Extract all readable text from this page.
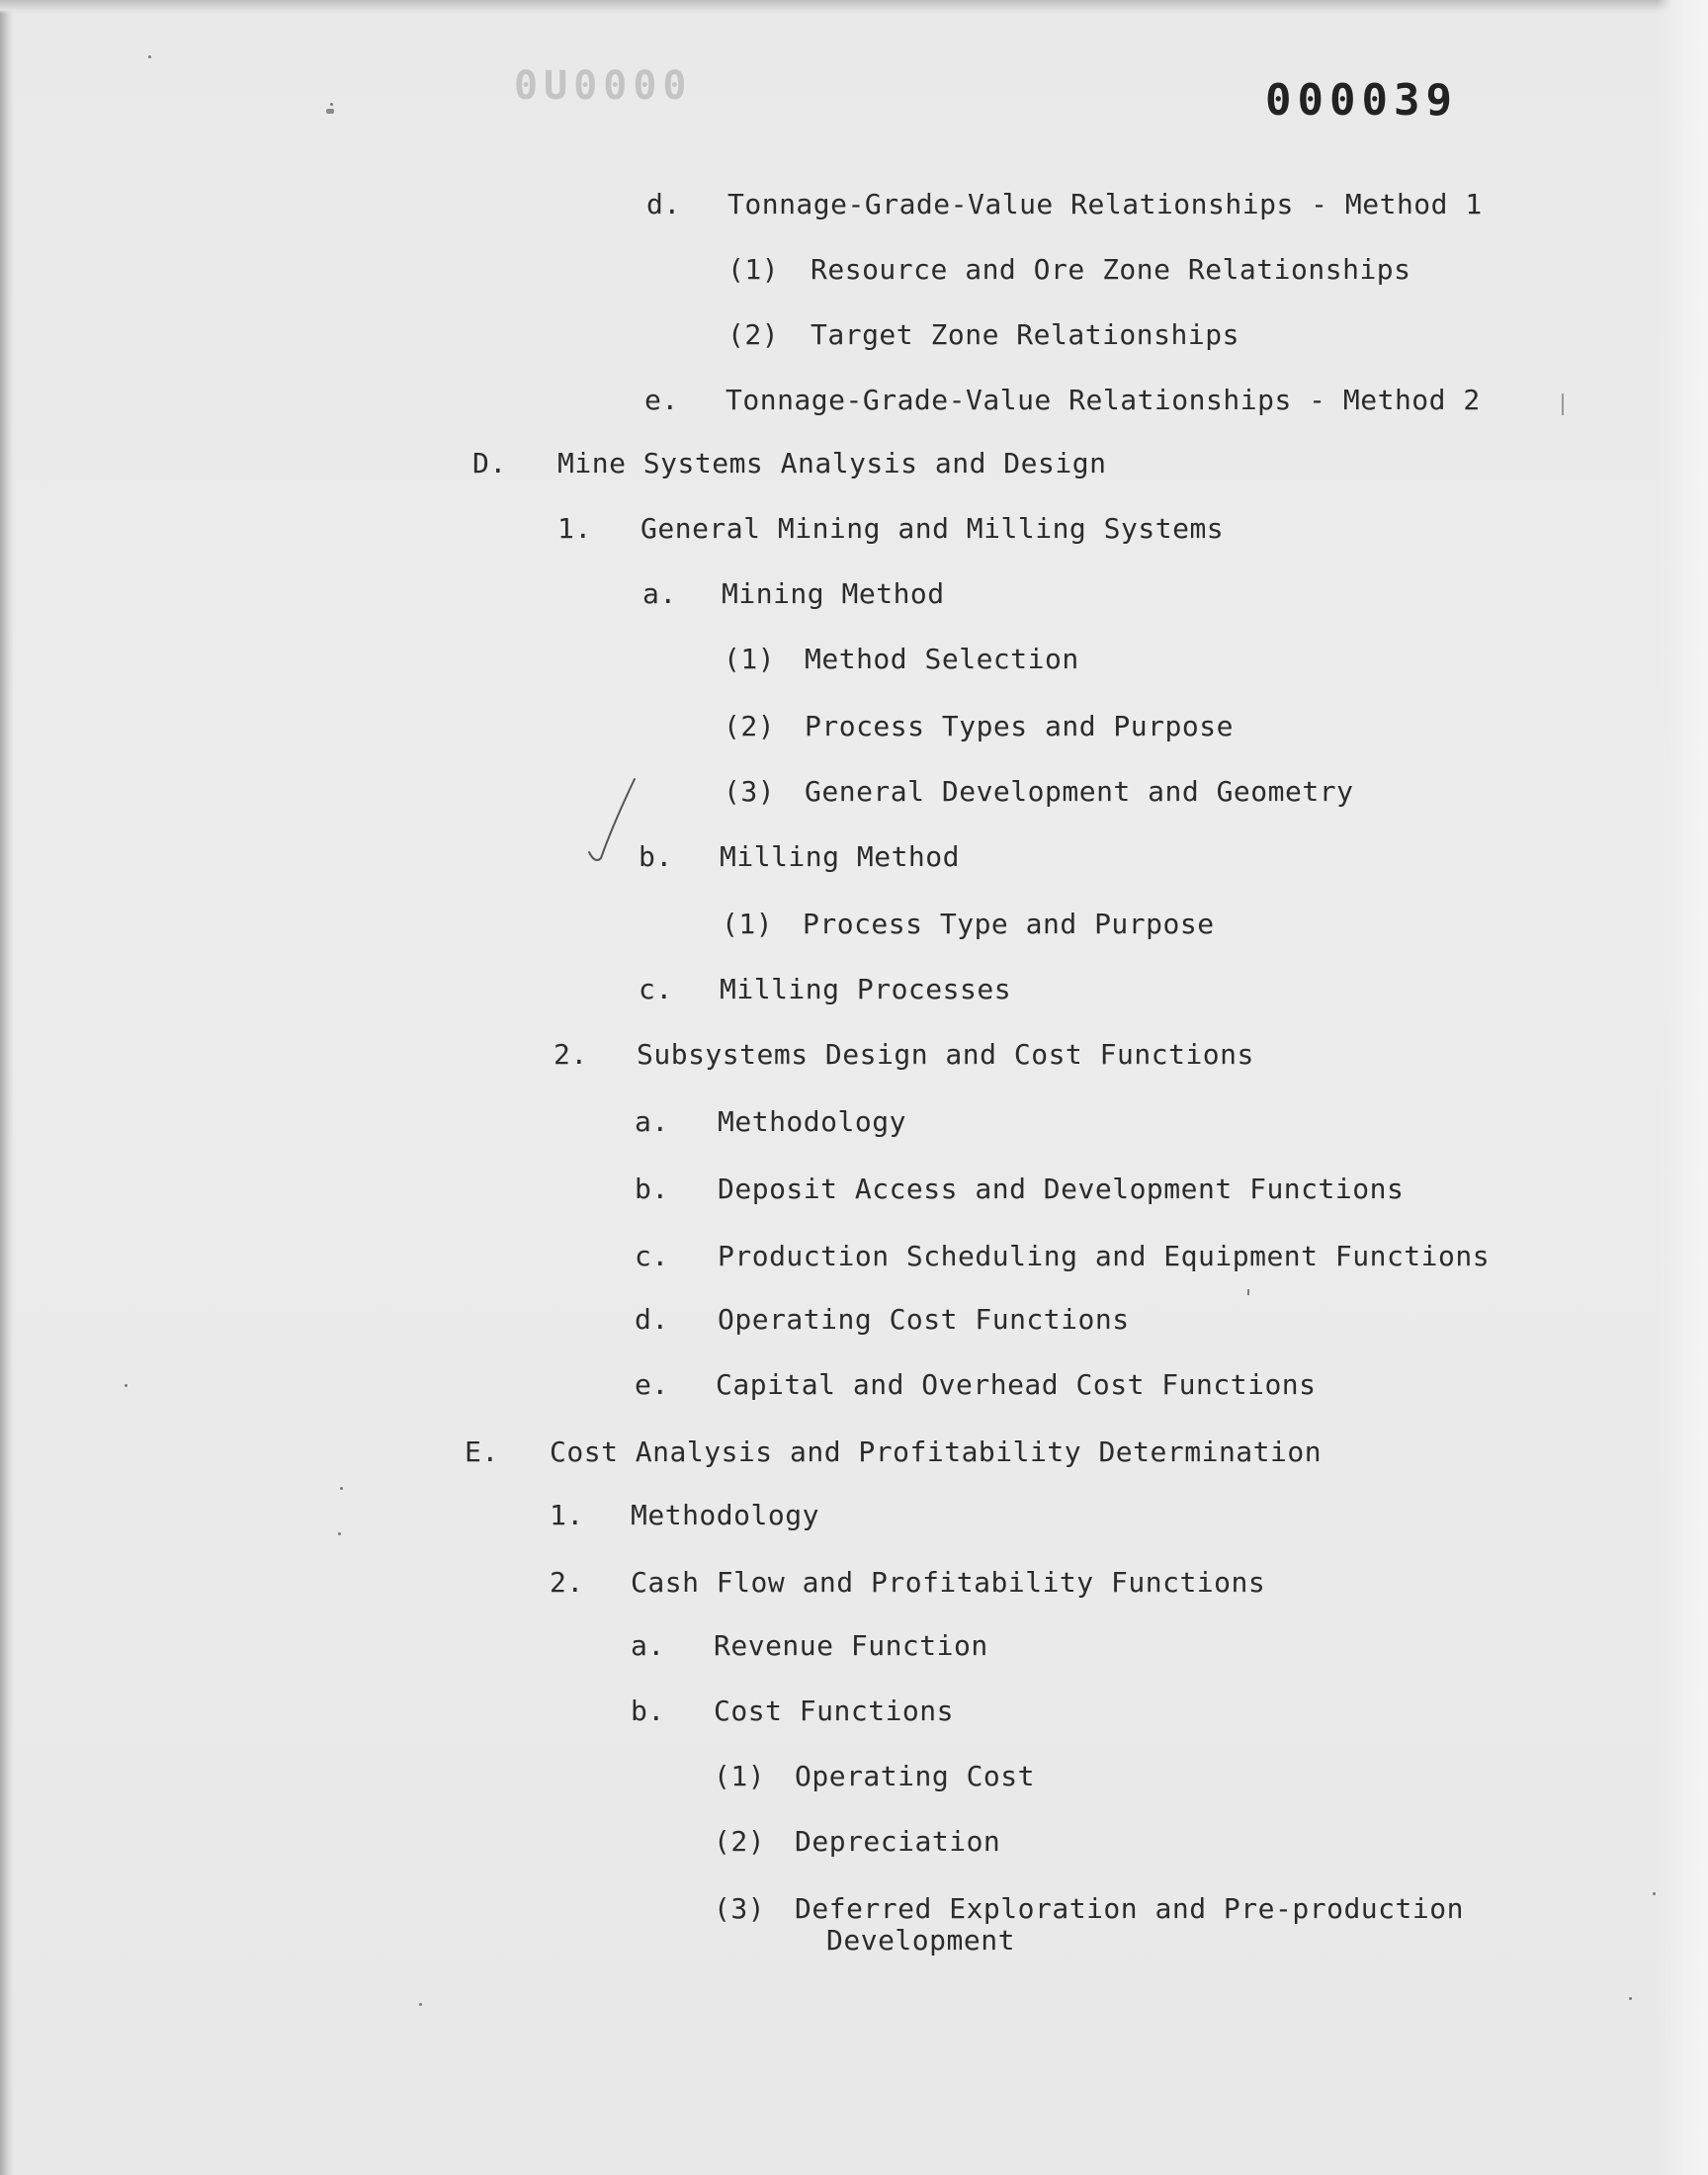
0U0000	000039
d. Tonnage-Grade-Value Relationships - Method 1
(1) Resource and Ore Zone Relationships
(2) Target Zone Relationships
e. Tonnage-Grade-Value Relationships - Method 2
D. Mine Systems Analysis and Design
1. General Mining and Milling Systems
a. Mining Method
(1) Method Selection
(2) Process Types and Purpose
(3) General Development and Geometry
b. Milling Method
(1) Process Type and Purpose
c. Milling Processes
2. Subsystems Design and Cost Functions
a. Methodology
b. Deposit Access and Development Functions
c. Production Scheduling and Equipment Functions
d. Operating Cost Functions
e. Capital and Overhead Cost Functions
E. Cost Analysis and Profitability Determination
1. Methodology
2. Cash Flow and Profitability Functions
a. Revenue Function
b. Cost Functions
(1) Operating Cost
(2) Depreciation
(3) Deferred Exploration and Pre-production
Development
